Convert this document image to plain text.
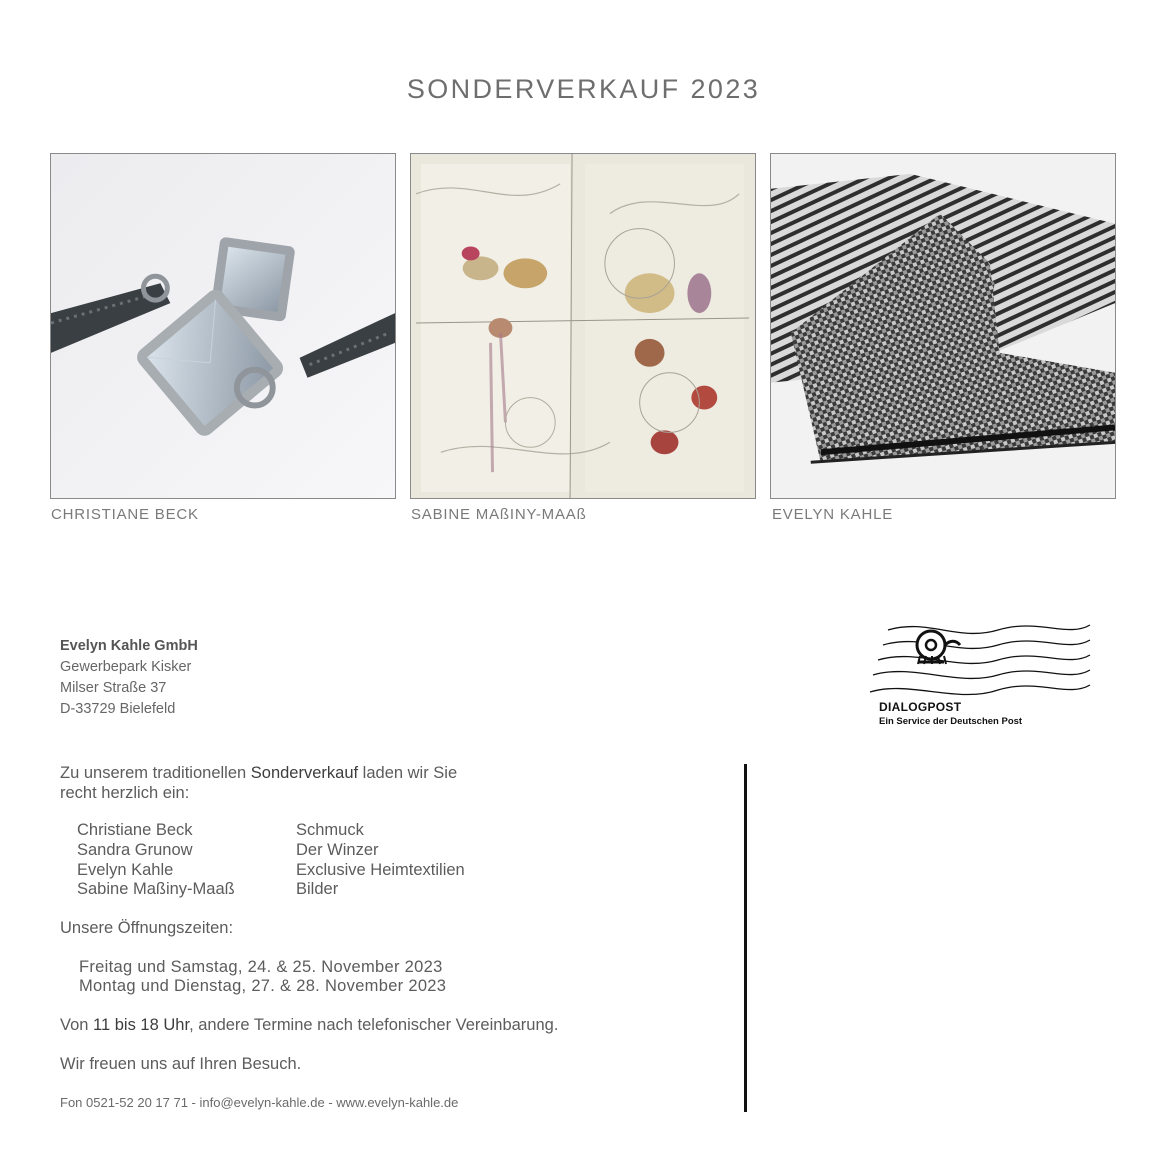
SONDERVERKAUF 2023
CHRISTIANE BECK	SABINE MAßINY-MAAß	EVELYN KAHLE
Evelyn Kahle GmbH
Gewerbepark Kisker
Milser Straße 37
D-33729 Bielefeld	DIALOGPOST
Ein Service der Deutschen Post
Zu unserem traditionellen Sonderverkauf laden wir Sie
recht herzlich ein:
Christiane Beck	Schmuck
Sandra Grunow	Der Winzer
Evelyn Kahle	Exclusive Heimtextilien
Sabine Maßiny-Maaß	Bilder
Unsere Öffnungszeiten:
Freitag und Samstag, 24. & 25. November 2023
Montag und Dienstag, 27. & 28. November 2023
Von 11 bis 18 Uhr, andere Termine nach telefonischer Vereinbarung.
Wir freuen uns auf Ihren Besuch.
Fon 0521-52 20 17 71 - info@evelyn-kahle.de - www.evelyn-kahle.de
